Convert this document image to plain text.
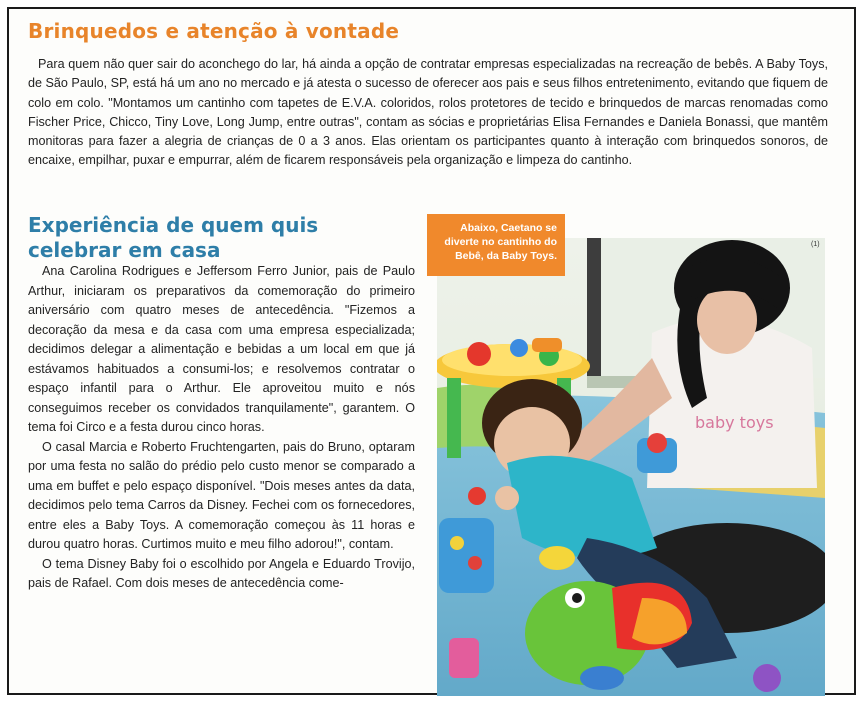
Brinquedos e atenção à vontade

Para quem não quer sair do aconchego do lar, há ainda a opção de contratar empresas especializadas na recreação de bebês. A Baby Toys, de São Paulo, SP, está há um ano no mercado e já atesta o sucesso de oferecer aos pais e seus filhos entretenimento, evitando que fiquem de colo em colo. "Montamos um cantinho com tapetes de E.V.A. coloridos, rolos protetores de tecido e brinquedos de marcas renomadas como Fischer Price, Chicco, Tiny Love, Long Jump, entre outras", contam as sócias e proprietárias Elisa Fernandes e Daniela Bonassi, que mantêm monitoras para fazer a alegria de crianças de 0 a 3 anos. Elas orientam os participantes quanto à interação com brinquedos sonoros, de encaixe, empilhar, puxar e empurrar, além de ficarem responsáveis pela organização e limpeza do cantinho.

Experiência de quem quis celebrar em casa

Ana Carolina Rodrigues e Jeffersom Ferro Junior, pais de Paulo Arthur, iniciaram os preparativos da comemoração do primeiro aniversário com quatro meses de antecedência. "Fizemos a decoração da mesa e da casa com uma empresa especializada; decidimos delegar a alimentação e bebidas a um local em que já estávamos habituados a consumi-los; e resolvemos contratar o espaço infantil para o Arthur. Ele aproveitou muito e nós conseguimos receber os convidados tranquilamente", garantem. O tema foi Circo e a festa durou cinco horas.

O casal Marcia e Roberto Fruchtengarten, pais do Bruno, optaram por uma festa no salão do prédio pelo custo menor se comparado a uma em buffet e pelo espaço disponível. "Dois meses antes da data, decidimos pelo tema Carros da Disney. Fechei com os fornecedores, entre eles a Baby Toys. A comemoração começou às 11 horas e durou quatro horas. Curtimos muito e meu filho adorou!", contam.

O tema Disney Baby foi o escolhido por Angela e Eduardo Trovijo, pais de Rafael. Com dois meses de antecedência come-

Abaixo, Caetano se diverte no cantinho do Bebê, da Baby Toys.
(1)
baby toys
